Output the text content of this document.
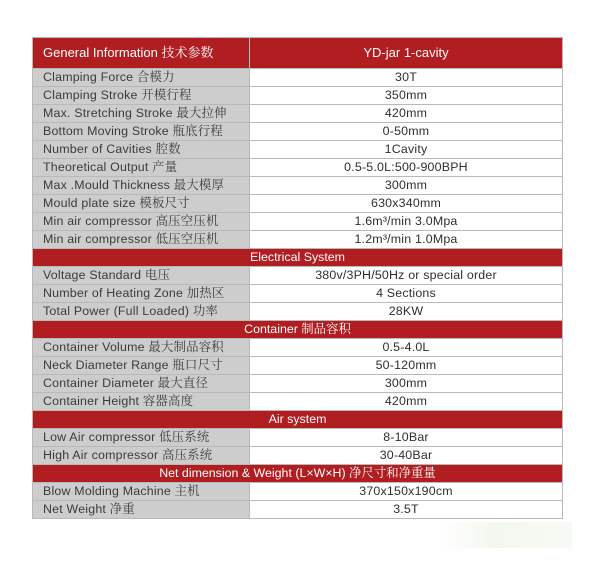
General Information 技术参数	YD-jar 1-cavity
Clamping Force 合模力	30T
Clamping Stroke 开模行程	350mm
Max. Stretching Stroke 最大拉伸	420mm
Bottom Moving Stroke 瓶底行程	0-50mm
Number of Cavities 腔数	1Cavity
Theoretical Output 产量	0.5-5.0L:500-900BPH
Max .Mould Thickness 最大模厚	300mm
Mould plate size 模板尺寸	630x340mm
Min air compressor 高压空压机	1.6m³/min 3.0Mpa
Min air compressor 低压空压机	1.2m³/min 1.0Mpa
Electrical System	
Voltage Standard 电压	380v/3PH/50Hz or special order
Number of Heating Zone 加热区	4 Sections
Total Power (Full Loaded) 功率	28KW
Container 制品容积	
Container Volume 最大制品容积	0.5-4.0L
Neck Diameter Range 瓶口尺寸	50-120mm
Container Diameter 最大直径	300mm
Container Height 容器高度	420mm
Air system	
Low Air compressor 低压系统	8-10Bar
High Air compressor 高压系统	30-40Bar
Net dimension & Weight (L×W×H) 净尺寸和净重量	
Blow Molding Machine 主机	370x150x190cm
Net Weight 净重	3.5T
